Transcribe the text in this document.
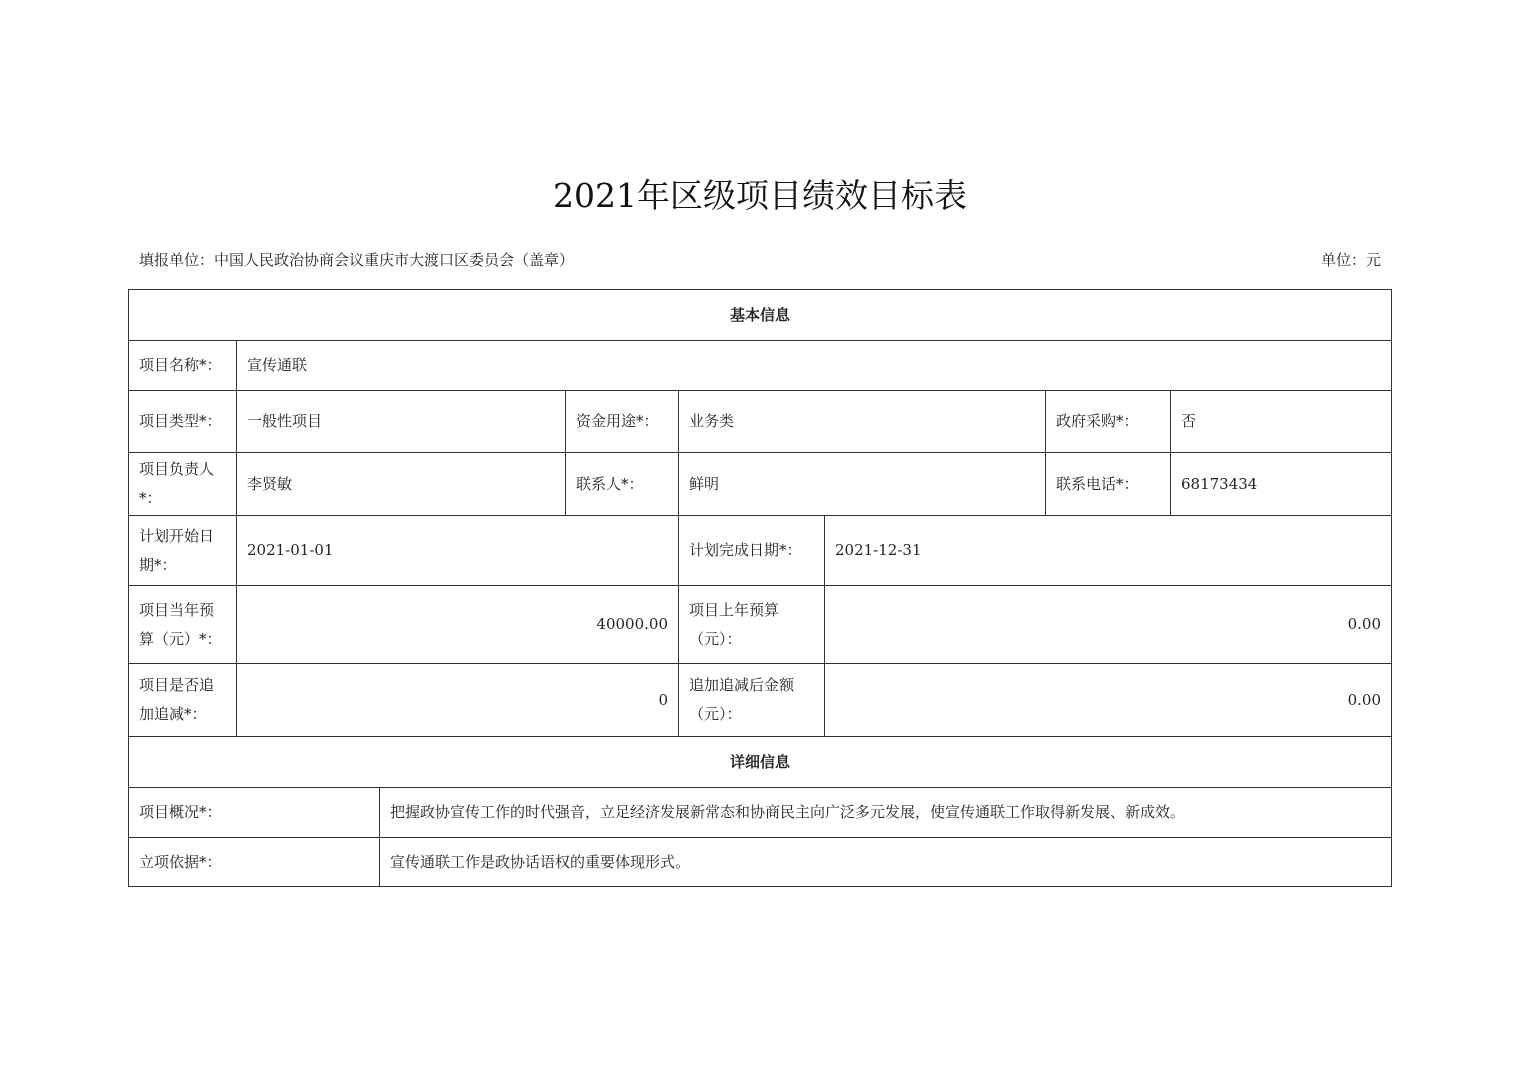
2021年区级项目绩效目标表
填报单位：中国人民政治协商会议重庆市大渡口区委员会（盖章）	单位：元
基本信息							
项目名称*：	宣传通联						
项目类型*：	一般性项目		资金用途*：	业务类		政府采购*：	否
项目负责人*：	李贤敏		联系人*：	鲜明		联系电话*：	68173434
计划开始日期*：	2021-01-01			计划完成日期*：	2021-12-31		
项目当年预算（元）*：	40000.00			项目上年预算（元）：	0.00		
项目是否追加追减*：	0			追加追减后金额（元）：	0.00		
详细信息							
项目概况*：		把握政协宣传工作的时代强音，立足经济发展新常态和协商民主向广泛多元发展，使宣传通联工作取得新发展、新成效。					
立项依据*：		宣传通联工作是政协话语权的重要体现形式。					
